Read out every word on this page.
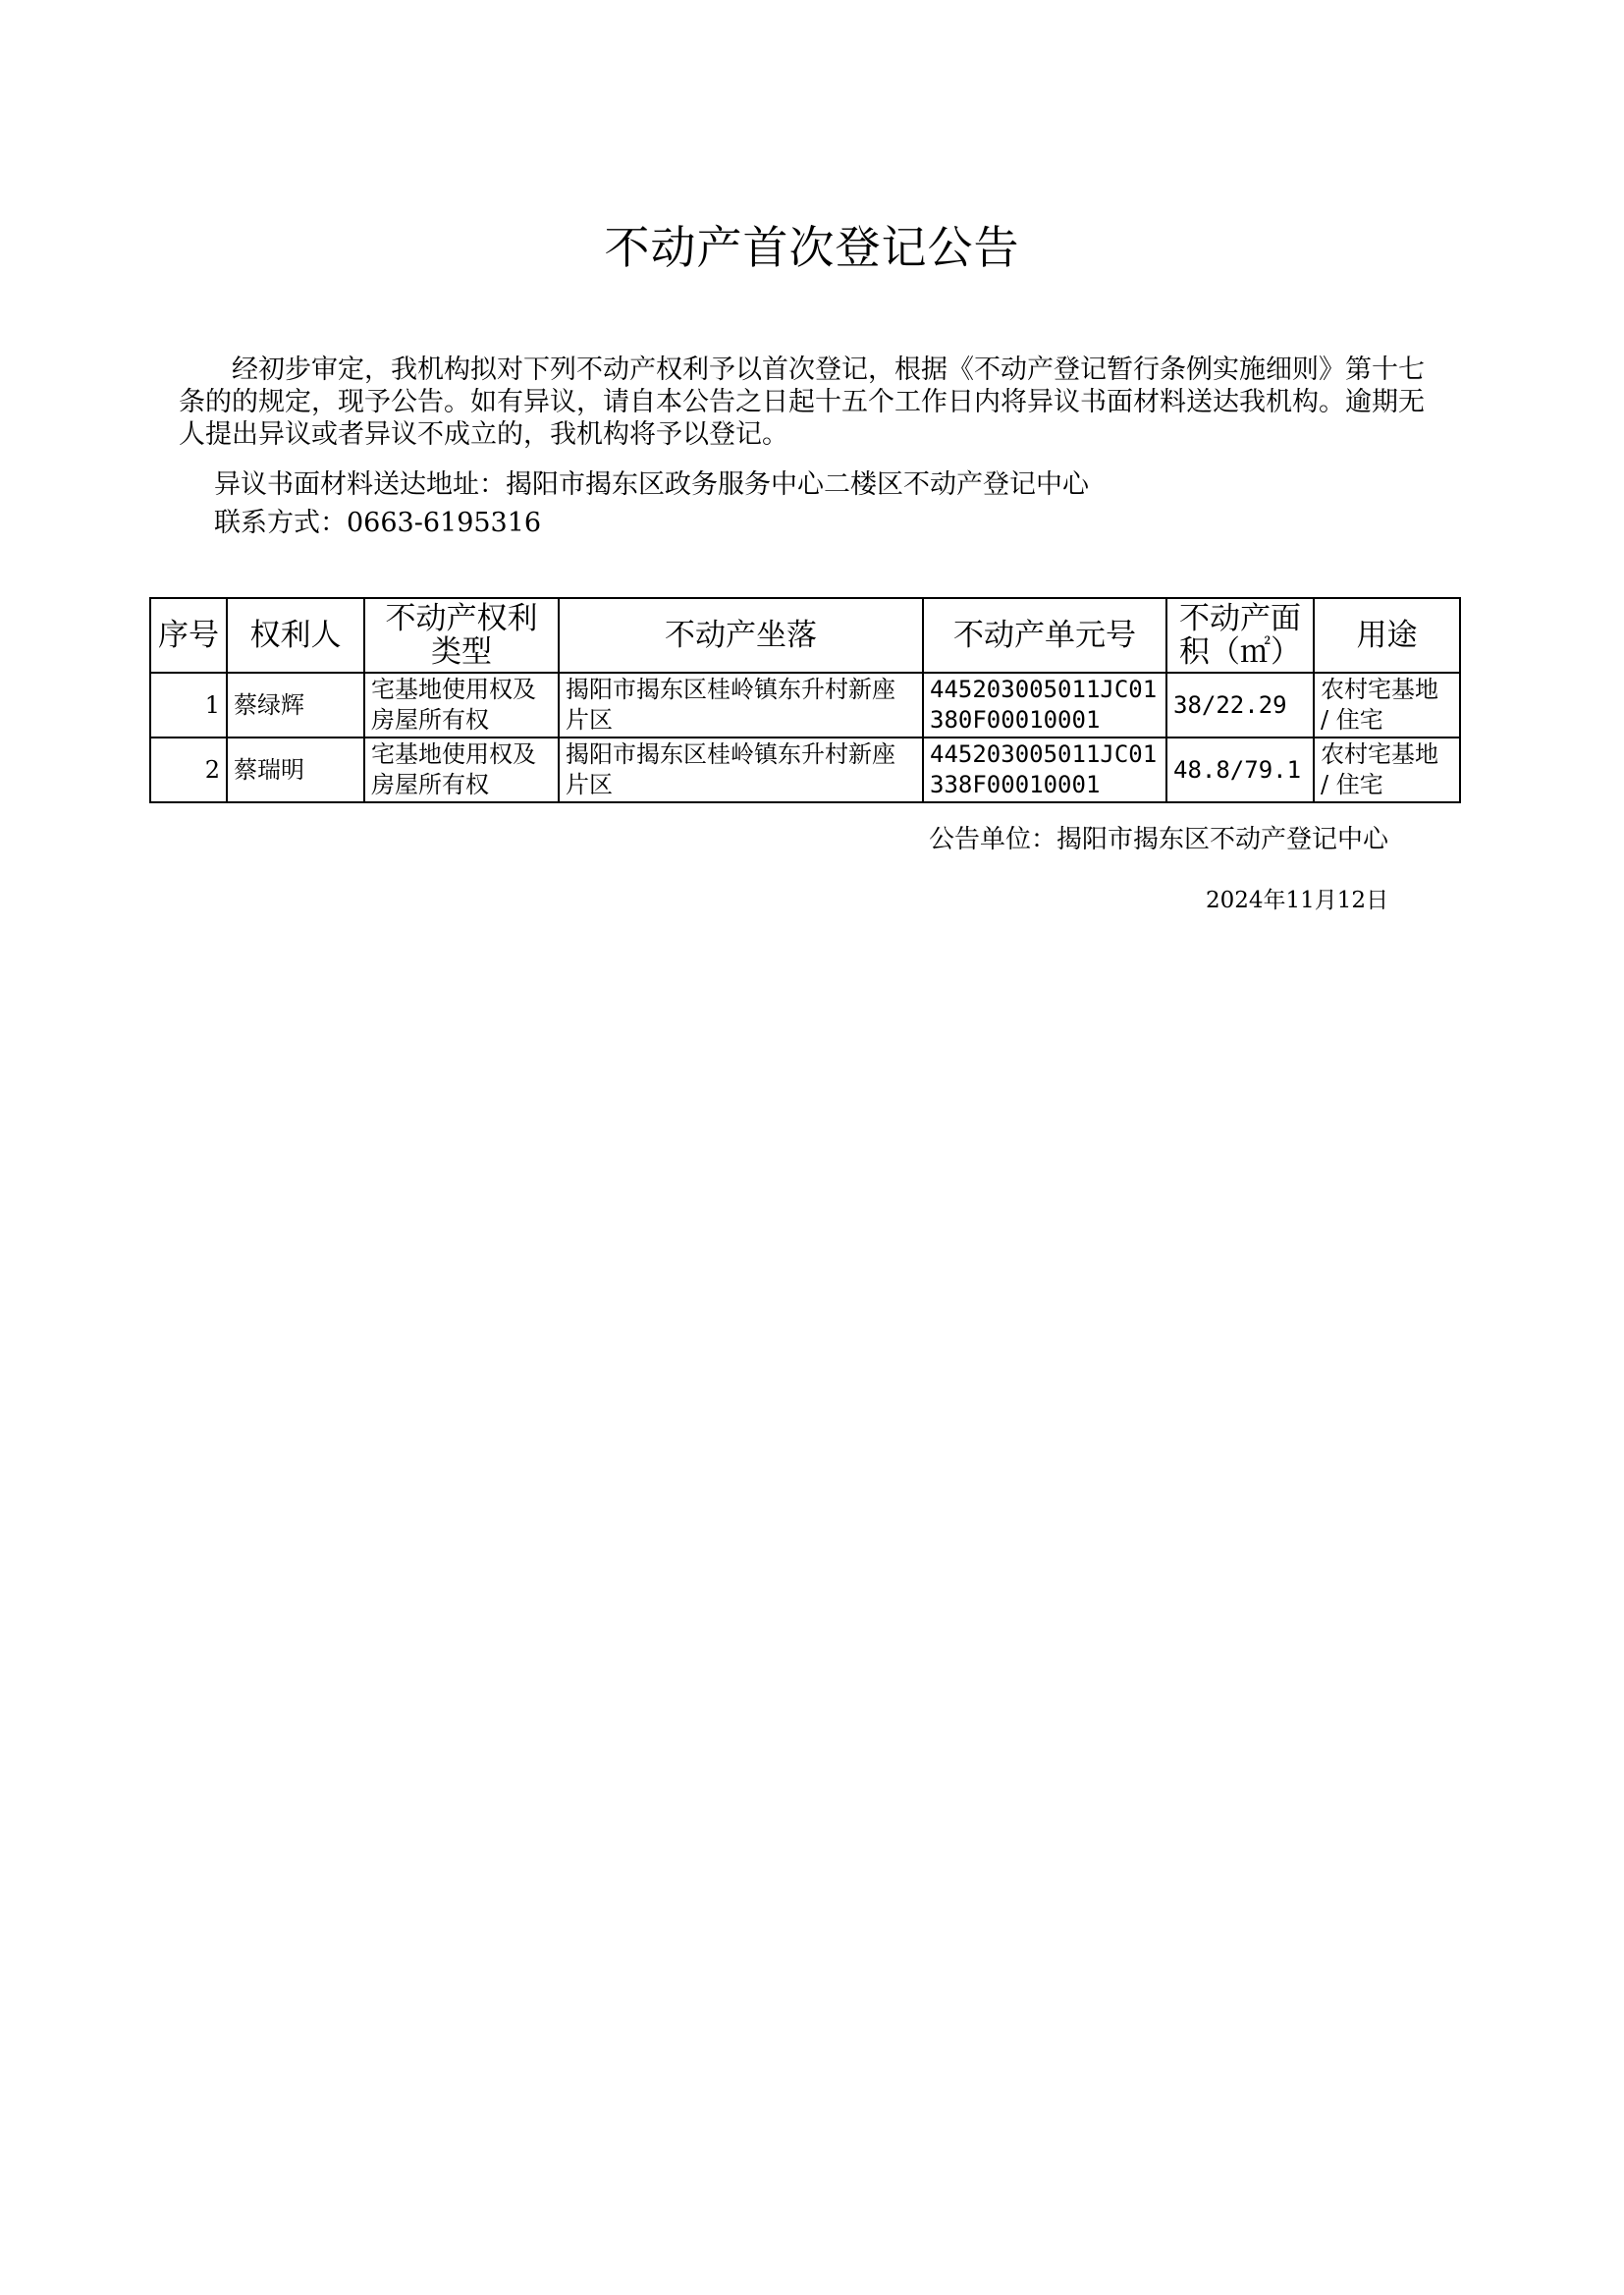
不动产首次登记公告

经初步审定，我机构拟对下列不动产权利予以首次登记，根据《不动产登记暂行条例实施细则》第十七条的的规定，现予公告。如有异议，请自本公告之日起十五个工作日内将异议书面材料送达我机构。逾期无人提出异议或者异议不成立的，我机构将予以登记。

异议书面材料送达地址：揭阳市揭东区政务服务中心二楼区不动产登记中心
联系方式：0663-6195316
序号	权利人	不动产权利类型	不动产坐落	不动产单元号	不动产面积（㎡）	用途
1	蔡绿辉	宅基地使用权及房屋所有权	揭阳市揭东区桂岭镇东升村新座片区	445203005011JC01380F00010001	38/22.29	农村宅基地 / 住宅
2	蔡瑞明	宅基地使用权及房屋所有权	揭阳市揭东区桂岭镇东升村新座片区	445203005011JC01338F00010001	48.8/79.1	农村宅基地 / 住宅
公告单位：揭阳市揭东区不动产登记中心
2024年11月12日
